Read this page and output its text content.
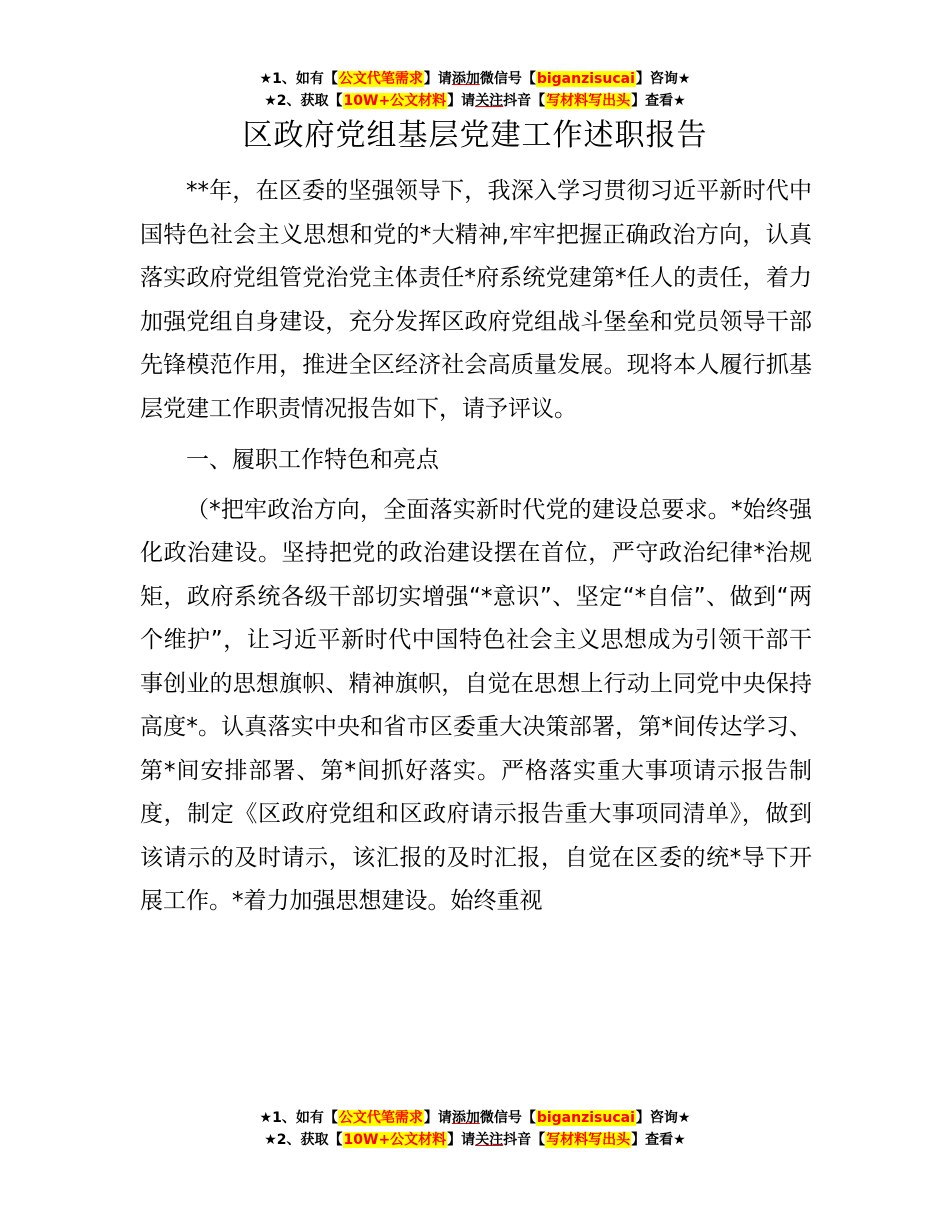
★1、如有【公文代笔需求】请添加微信号【biganzisucai】咨询★
★2、获取【10W+公文材料】请关注抖音【写材料写出头】查看★
区政府党组基层党建工作述职报告

**年，在区委的坚强领导下，我深入学习贯彻习近平新时代中国特色社会主义思想和党的*大精神,牢牢把握正确政治方向，认真落实政府党组管党治党主体责任*府系统党建第*任人的责任，着力加强党组自身建设，充分发挥区政府党组战斗堡垒和党员领导干部先锋模范作用，推进全区经济社会高质量发展。现将本人履行抓基层党建工作职责情况报告如下，请予评议。

一、履职工作特色和亮点

（*把牢政治方向，全面落实新时代党的建设总要求。*始终强化政治建设。坚持把党的政治建设摆在首位，严守政治纪律*治规矩，政府系统各级干部切实增强“*意识”、坚定“*自信”、做到“两个维护”，让习近平新时代中国特色社会主义思想成为引领干部干事创业的思想旗帜、精神旗帜，自觉在思想上行动上同党中央保持高度*。认真落实中央和省市区委重大决策部署，第*间传达学习、第*间安排部署、第*间抓好落实。严格落实重大事项请示报告制度，制定《区政府党组和区政府请示报告重大事项同清单》，做到该请示的及时请示，该汇报的及时汇报，自觉在区委的统*导下开展工作。*着力加强思想建设。始终重视

★1、如有【公文代笔需求】请添加微信号【biganzisucai】咨询★
★2、获取【10W+公文材料】请关注抖音【写材料写出头】查看★
